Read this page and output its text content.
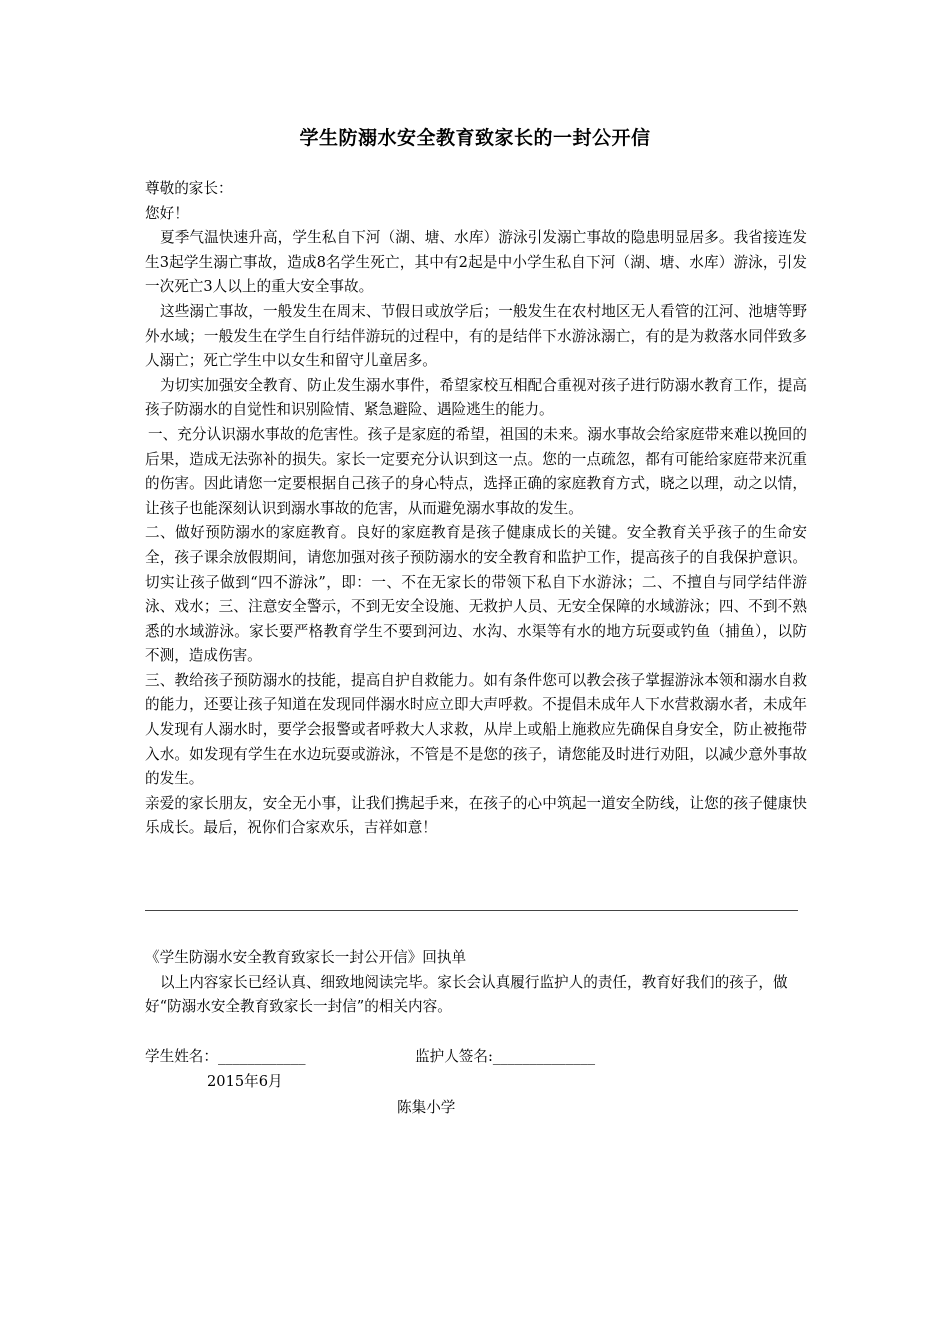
学生防溺水安全教育致家长的一封公开信

尊敬的家长：

您好！

夏季气温快速升高，学生私自下河（湖、塘、水库）游泳引发溺亡事故的隐患明显居多。我省接连发生3起学生溺亡事故，造成8名学生死亡，其中有2起是中小学生私自下河（湖、塘、水库）游泳，引发一次死亡3人以上的重大安全事故。

这些溺亡事故，一般发生在周末、节假日或放学后；一般发生在农村地区无人看管的江河、池塘等野外水域；一般发生在学生自行结伴游玩的过程中，有的是结伴下水游泳溺亡，有的是为救落水同伴致多人溺亡；死亡学生中以女生和留守儿童居多。

为切实加强安全教育、防止发生溺水事件，希望家校互相配合重视对孩子进行防溺水教育工作，提高孩子防溺水的自觉性和识别险情、紧急避险、遇险逃生的能力。

一、充分认识溺水事故的危害性。孩子是家庭的希望，祖国的未来。溺水事故会给家庭带来难以挽回的后果，造成无法弥补的损失。家长一定要充分认识到这一点。您的一点疏忽，都有可能给家庭带来沉重的伤害。因此请您一定要根据自己孩子的身心特点，选择正确的家庭教育方式，晓之以理，动之以情，让孩子也能深刻认识到溺水事故的危害，从而避免溺水事故的发生。

二、做好预防溺水的家庭教育。良好的家庭教育是孩子健康成长的关键。安全教育关乎孩子的生命安全，孩子课余放假期间，请您加强对孩子预防溺水的安全教育和监护工作，提高孩子的自我保护意识。切实让孩子做到“四不游泳”，即：一、不在无家长的带领下私自下水游泳；二、不擅自与同学结伴游泳、戏水；三、注意安全警示，不到无安全设施、无救护人员、无安全保障的水域游泳；四、不到不熟悉的水域游泳。家长要严格教育学生不要到河边、水沟、水渠等有水的地方玩耍或钓鱼（捕鱼），以防不测，造成伤害。

三、教给孩子预防溺水的技能，提高自护自救能力。如有条件您可以教会孩子掌握游泳本领和溺水自救的能力，还要让孩子知道在发现同伴溺水时应立即大声呼救。不提倡未成年人下水营救溺水者，未成年人发现有人溺水时，要学会报警或者呼救大人求救，从岸上或船上施救应先确保自身安全，防止被拖带入水。如发现有学生在水边玩耍或游泳，不管是不是您的孩子，请您能及时进行劝阻，以减少意外事故的发生。

亲爱的家长朋友，安全无小事，让我们携起手来，在孩子的心中筑起一道安全防线，让您的孩子健康快乐成长。最后，祝你们合家欢乐，吉祥如意！

《学生防溺水安全教育致家长一封公开信》回执单

以上内容家长已经认真、细致地阅读完毕。家长会认真履行监护人的责任，教育好我们的孩子，做好“防溺水安全教育致家长一封信”的相关内容。

学生姓名：____________	监护人签名:______________
2015年6月
陈集小学
